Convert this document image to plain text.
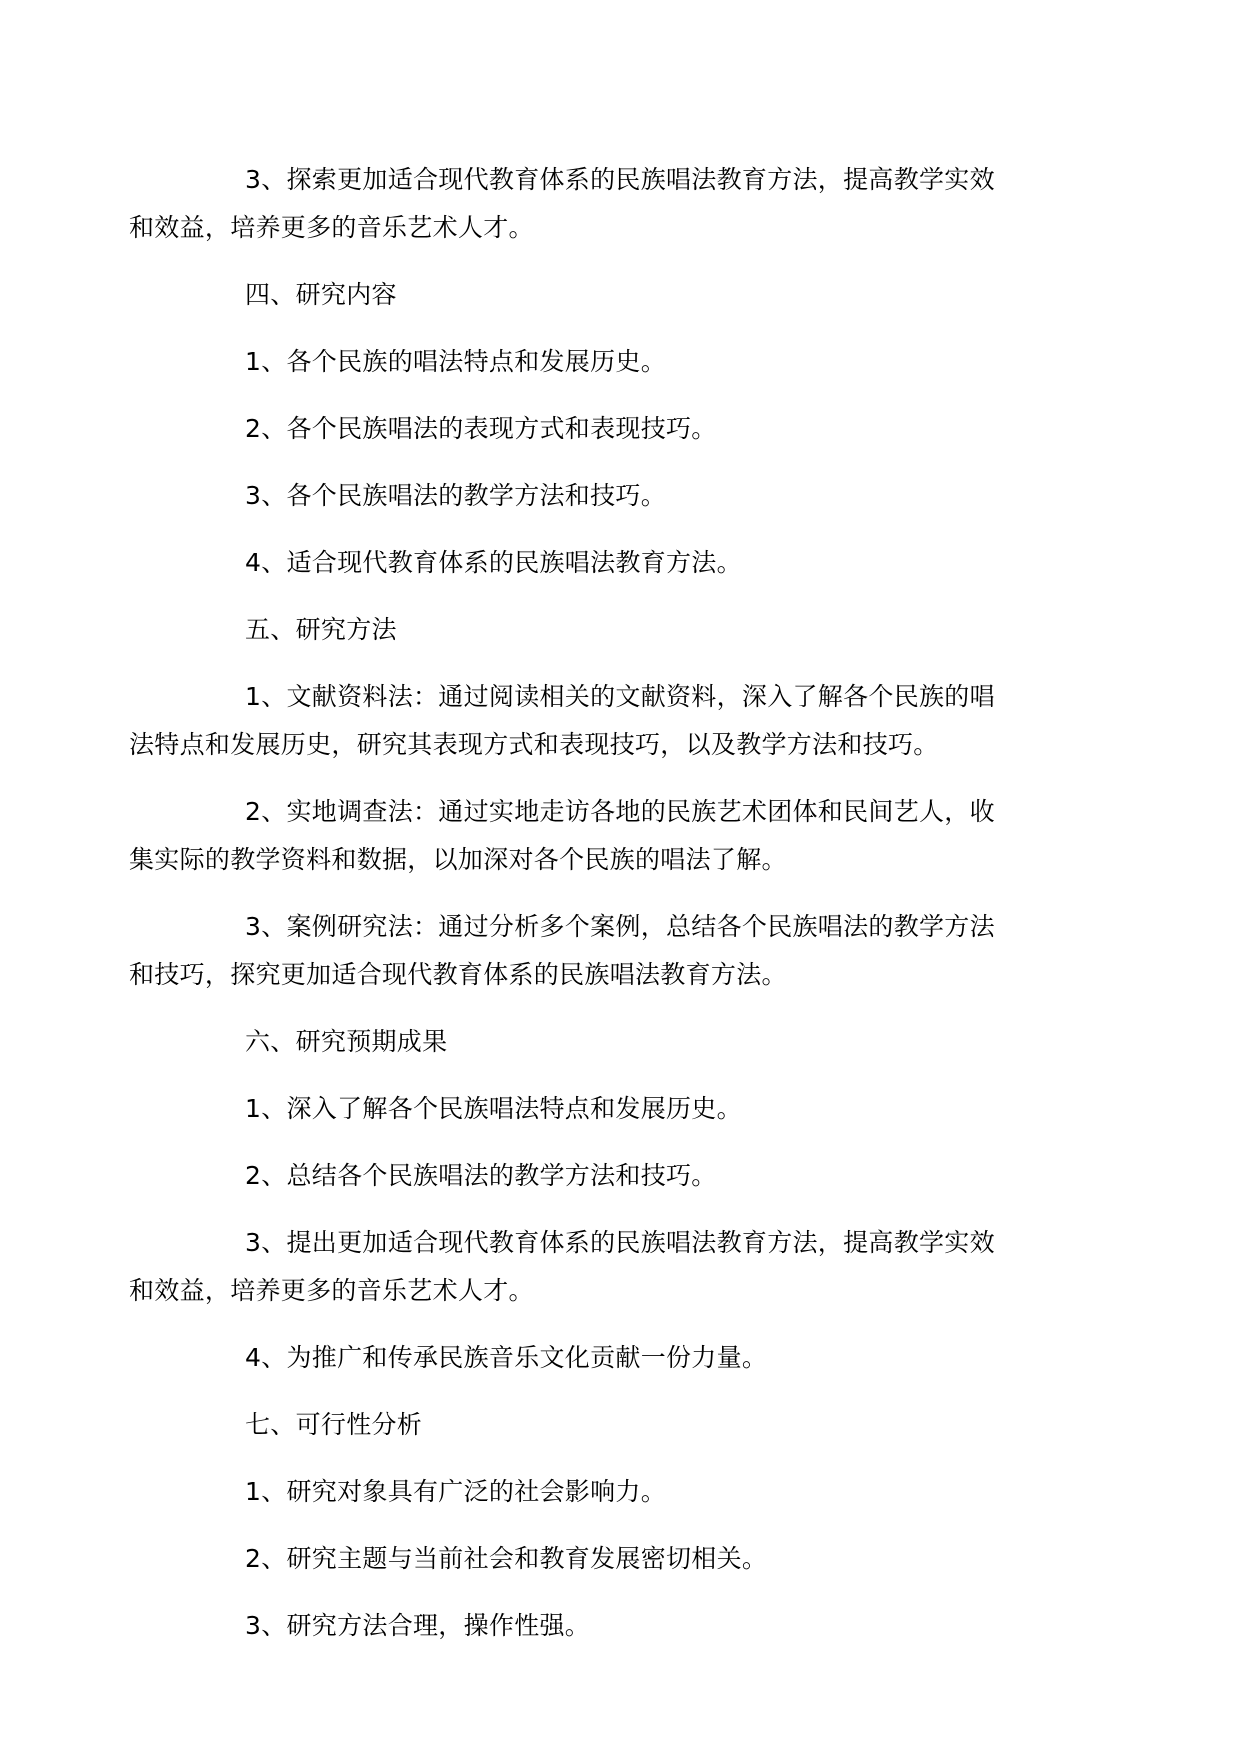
3、探索更加适合现代教育体系的民族唱法教育方法，提高教学实效
和效益，培养更多的音乐艺术人才。
四、研究内容
1、各个民族的唱法特点和发展历史。
2、各个民族唱法的表现方式和表现技巧。
3、各个民族唱法的教学方法和技巧。
4、适合现代教育体系的民族唱法教育方法。
五、研究方法
1、文献资料法：通过阅读相关的文献资料，深入了解各个民族的唱
法特点和发展历史，研究其表现方式和表现技巧，以及教学方法和技巧。
2、实地调查法：通过实地走访各地的民族艺术团体和民间艺人，收
集实际的教学资料和数据，以加深对各个民族的唱法了解。
3、案例研究法：通过分析多个案例，总结各个民族唱法的教学方法
和技巧，探究更加适合现代教育体系的民族唱法教育方法。
六、研究预期成果
1、深入了解各个民族唱法特点和发展历史。
2、总结各个民族唱法的教学方法和技巧。
3、提出更加适合现代教育体系的民族唱法教育方法，提高教学实效
和效益，培养更多的音乐艺术人才。
4、为推广和传承民族音乐文化贡献一份力量。
七、可行性分析
1、研究对象具有广泛的社会影响力。
2、研究主题与当前社会和教育发展密切相关。
3、研究方法合理，操作性强。
